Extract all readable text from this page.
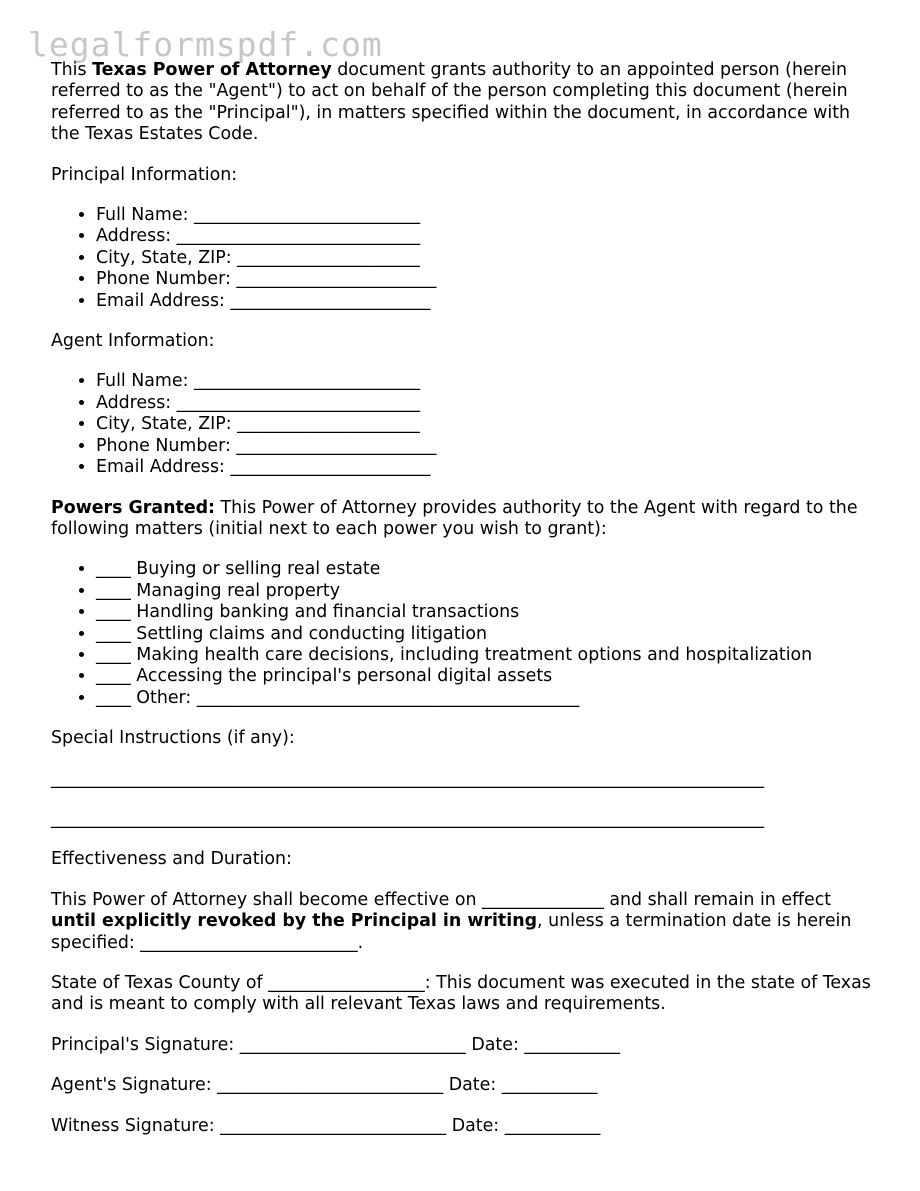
legalformspdf.com

This Texas Power of Attorney document grants authority to an appointed person (herein referred to as the "Agent") to act on behalf of the person completing this document (herein referred to as the "Principal"), in matters specified within the document, in accordance with the Texas Estates Code.

Principal Information:

• Full Name: __________________________
• Address: ____________________________
• City, State, ZIP: _____________________
• Phone Number: _______________________
• Email Address: _______________________

Agent Information:

• Full Name: __________________________
• Address: ____________________________
• City, State, ZIP: _____________________
• Phone Number: _______________________
• Email Address: _______________________

Powers Granted: This Power of Attorney provides authority to the Agent with regard to the following matters (initial next to each power you wish to grant):

• ____ Buying or selling real estate
• ____ Managing real property
• ____ Handling banking and financial transactions
• ____ Settling claims and conducting litigation
• ____ Making health care decisions, including treatment options and hospitalization
• ____ Accessing the principal's personal digital assets
• ____ Other: ____________________________________________

Special Instructions (if any):

__________________________________________________________________________________

__________________________________________________________________________________

Effectiveness and Duration:

This Power of Attorney shall become effective on ______________ and shall remain in effect until explicitly revoked by the Principal in writing, unless a termination date is herein specified: _________________________.

State of Texas County of __________________: This document was executed in the state of Texas and is meant to comply with all relevant Texas laws and requirements.

Principal's Signature: __________________________ Date: ___________

Agent's Signature: __________________________ Date: ___________

Witness Signature: __________________________ Date: ___________
